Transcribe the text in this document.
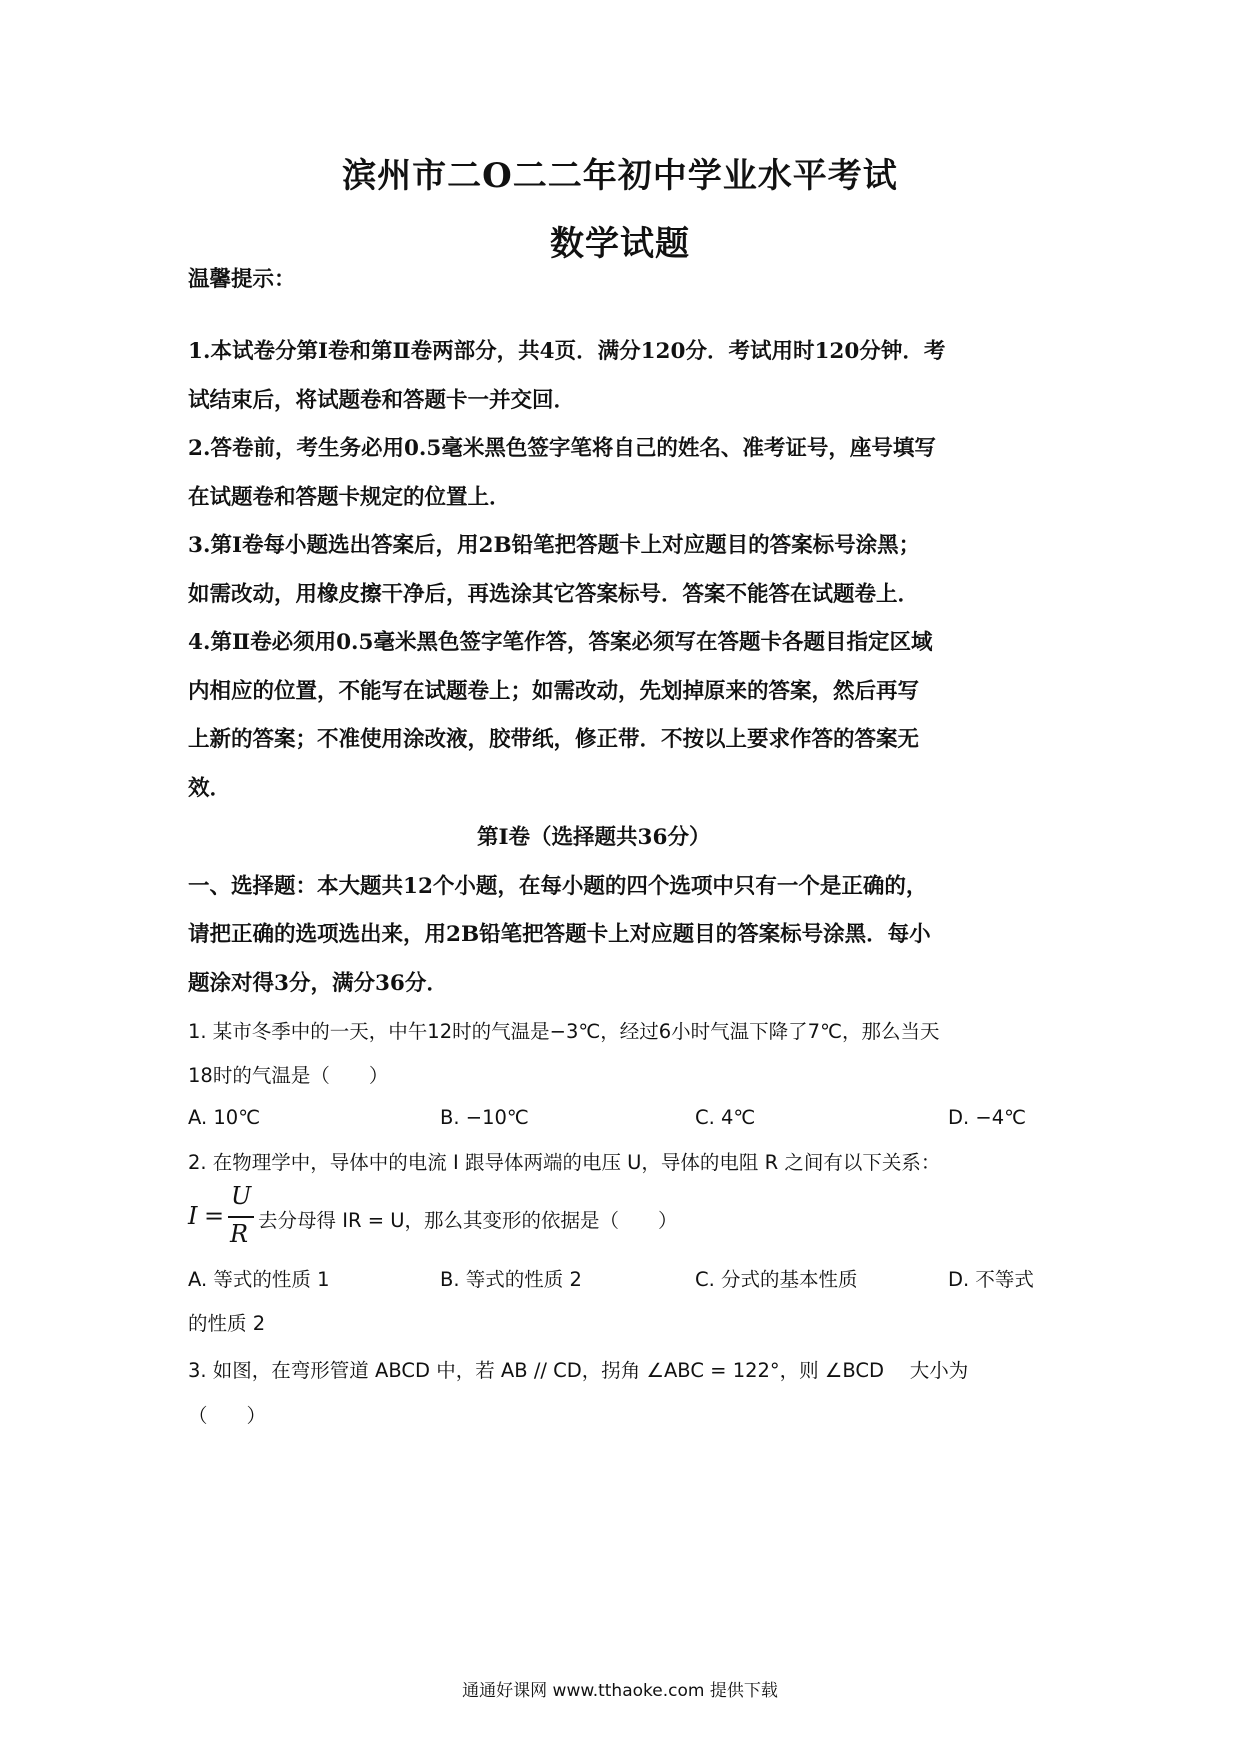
滨州市二O二二年初中学业水平考试
数学试题
温馨提示：
1.本试卷分第Ⅰ卷和第Ⅱ卷两部分，共4页．满分120分．考试用时120分钟．考
试结束后，将试题卷和答题卡一并交回．
2.答卷前，考生务必用0.5毫米黑色签字笔将自己的姓名、准考证号，座号填写
在试题卷和答题卡规定的位置上．
3.第Ⅰ卷每小题选出答案后，用2B铅笔把答题卡上对应题目的答案标号涂黑；
如需改动，用橡皮擦干净后，再选涂其它答案标号．答案不能答在试题卷上．
4.第Ⅱ卷必须用0.5毫米黑色签字笔作答，答案必须写在答题卡各题目指定区域
内相应的位置，不能写在试题卷上；如需改动，先划掉原来的答案，然后再写
上新的答案；不准使用涂改液，胶带纸，修正带．不按以上要求作答的答案无
效．
第Ⅰ卷（选择题共36分）
一、选择题：本大题共12个小题，在每小题的四个选项中只有一个是正确的，
请把正确的选项选出来，用2B铅笔把答题卡上对应题目的答案标号涂黑．每小
题涂对得3分，满分36分．
1. 某市冬季中的一天，中午12时的气温是−3℃，经过6小时气温下降了7℃，那么当天
18时的气温是（　　）
A. 10℃	B. −10℃	C. 4℃	D. −4℃
2. 在物理学中，导体中的电流 I 跟导体两端的电压 U，导体的电阻 R 之间有以下关系：
I =
U
R 去分母得 IR = U，那么其变形的依据是（　　）
A. 等式的性质 1	B. 等式的性质 2	C. 分式的基本性质	D. 不等式
的性质 2
3. 如图，在弯形管道 ABCD 中，若 AB // CD，拐角 ∠ABC = 122°，则 ∠BCD　 大小为
（　　）
通通好课网 www.tthaoke.com 提供下载
